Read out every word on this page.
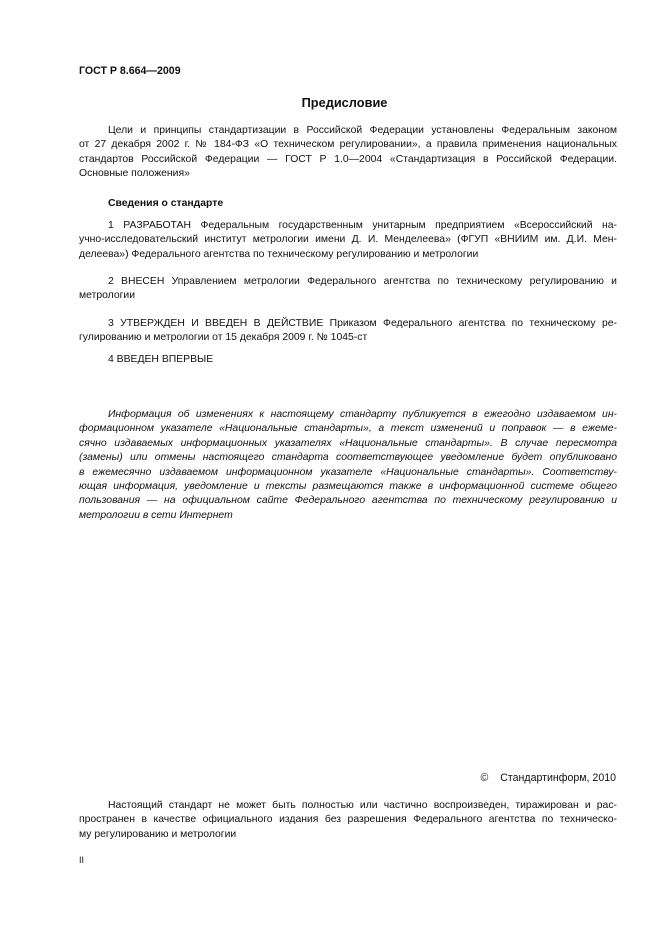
ГОСТ Р 8.664—2009
Предисловие

Цели и принципы стандартизации в Российской Федерации установлены Федеральным законом
от 27 декабря 2002 г. № 184-ФЗ «О техническом регулировании», а правила применения национальных
стандартов Российской Федерации — ГОСТ Р 1.0—2004 «Стандартизация в Российской Федерации.
Основные положения»

Сведения о стандарте

1 РАЗРАБОТАН Федеральным государственным унитарным предприятием «Всероссийский на-
учно-исследовательский институт метрологии имени Д. И. Менделеева» (ФГУП «ВНИИМ им. Д.И. Мен-
делеева») Федерального агентства по техническому регулированию и метрологии

2 ВНЕСЕН Управлением метрологии Федерального агентства по техническому регулированию и
метрологии

3 УТВЕРЖДЕН И ВВЕДЕН В ДЕЙСТВИЕ Приказом Федерального агентства по техническому ре-
гулированию и метрологии от 15 декабря 2009 г. № 1045-ст

4 ВВЕДЕН ВПЕРВЫЕ

Информация об изменениях к настоящему стандарту публикуется в ежегодно издаваемом ин-
формационном указателе «Национальные стандарты», а текст изменений и поправок — в ежеме-
сячно издаваемых информационных указателях «Национальные стандарты». В случае пересмотра
(замены) или отмены настоящего стандарта соответствующее уведомление будет опубликовано
в ежемесячно издаваемом информационном указателе «Национальные стандарты». Соответству-
ющая информация, уведомление и тексты размещаются также в информационной системе общего
пользования — на официальном сайте Федерального агентства по техническому регулированию и
метрологии в сети Интернет

© Стандартинформ, 2010

Настоящий стандарт не может быть полностью или частично воспроизведен, тиражирован и рас-
пространен в качестве официального издания без разрешения Федерального агентства по техническо-
му регулированию и метрологии

II
